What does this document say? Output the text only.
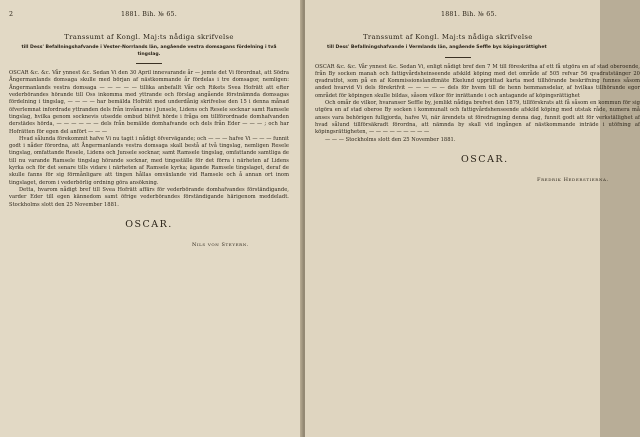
2	1881. Bih. № 65.
Transsumt af Kongl. Maj:ts nådiga skrifvelse
till Dess' Befallningshafvande i Vester-Norrlands län, angående vestra domsagans fördelning i två tingslag.

OSCAR &c. &c. Vår ynnest &c. Sedan Vi den 30 April innevarande år — jemte det Vi förordnat, att Södra Ångermanlands domsaga skulle med början af nästkommande år fördelas i tre domsagor, nemligen: Ångermanlands vestra domsaga — — — — — tillika anbefallt Vår och Rikets Svea Hofrätt att efter vederbörandes hörande till Oss inkomma med yttrande och förslag angående förstnämnda domsagas fördelning i tingslag, — — — — har bemälda Hofrätt med underdånig skrifvelse den 15 i denna månad öfverlemnat infordrade yttranden dels från invånarne i Junsele, Lidens och Resele socknar samt Ramsele tingslag, hvilka genom socknevis utsedde ombud blifvit hörde i fråga om tillförordnade domhafvanden derstädes hörda, — — — — — — dels från bemälde domhafvande och dels från Eder — — — ; och har Hofrätten för egen del anfört — — —

Hvad sålunda förekommit hafve Vi nu tagit i nådigt öfvervägande; och — — — hafve Vi — — — funnit godt i nåder förordna, att Ångermanlands vestra domsaga skall bestå af två tingslag, nemligen Resele tingslag, omfattande Resele, Lidens och Junsele socknar, samt Ramsele tingslag, omfattande samtliga de till nu varande Ramsele tingslag hörande socknar, med tingsställe för det förra i närheten af Lidens kyrka och för det senare tills vidare i närheten af Ramsele kyrka; ägande Ramsele tingslaget, deraf de skulle fanns för sig förmånligare att tingen hållas omväxlande vid Ramsele och å annan ort inom tingslaget, derom i vederbörlig ordning göra ansökning.

Detta, hvarom nådigt bref till Svea Hofrätt affärs för vederbörande domhafvandes förständigande, varder Eder till egen kännedom samt öfrige vederbörandes förständigande härigenom meddeladt. Stockholms slott den 25 November 1881.

OSCAR.
Nils von Steyern.
1881. Bih. № 65.
Transsumt af Kongl. Maj:ts nådiga skrifvelse
till Dess' Befallningshafvande i Vermlands län, angående Seffle bys köpingsrättighet

OSCAR &c. &c. Vår ynnest &c. Sedan Vi, enligt nådigt bref den 7 M till föreskrifna af ett få utgöra en af stad oberoende, från By socken manah och fattigvårdsheinseende afskild köping med det område af 505 refvar 56 qvadratstänger 20 qvadratfot, som på en af Kommissionslandtmäte Ekelund upprättad karta med tillhörande beskrifning funnes såsom anded hvarvid Vi dels förekrifvit — — — — — dels för hvem till de henn hemmansdelar, af hvilkas tillhörande egor området för köpingen skulle bildas, såsom vilkor för inrättande i och antagande af köpingsrättighet

Och omår de vilkor, hvaranser Seffle by, jemlikt nådiga brefvet den 1879, tillförskrats att få såsom en kommun för sig utgöra en af stad oberoe By socken i kommunalt och fattigvårdshenseende afskild köping med utstak råde, numera må anses vara behörigen fullgjorda, hafve Vi, när ärendets ut föredragning denna dag, funnit godt att för verkställighet af hvad sålund tillförsäkradt förordna, att nämnda by skall vid ingången af nästkommande inträde i utöfning af köpingsrättigheten, — — — — — — — — —

— — — Stockholms slott den 25 November 1881.

OSCAR.
Fredrik Hederstierna.
